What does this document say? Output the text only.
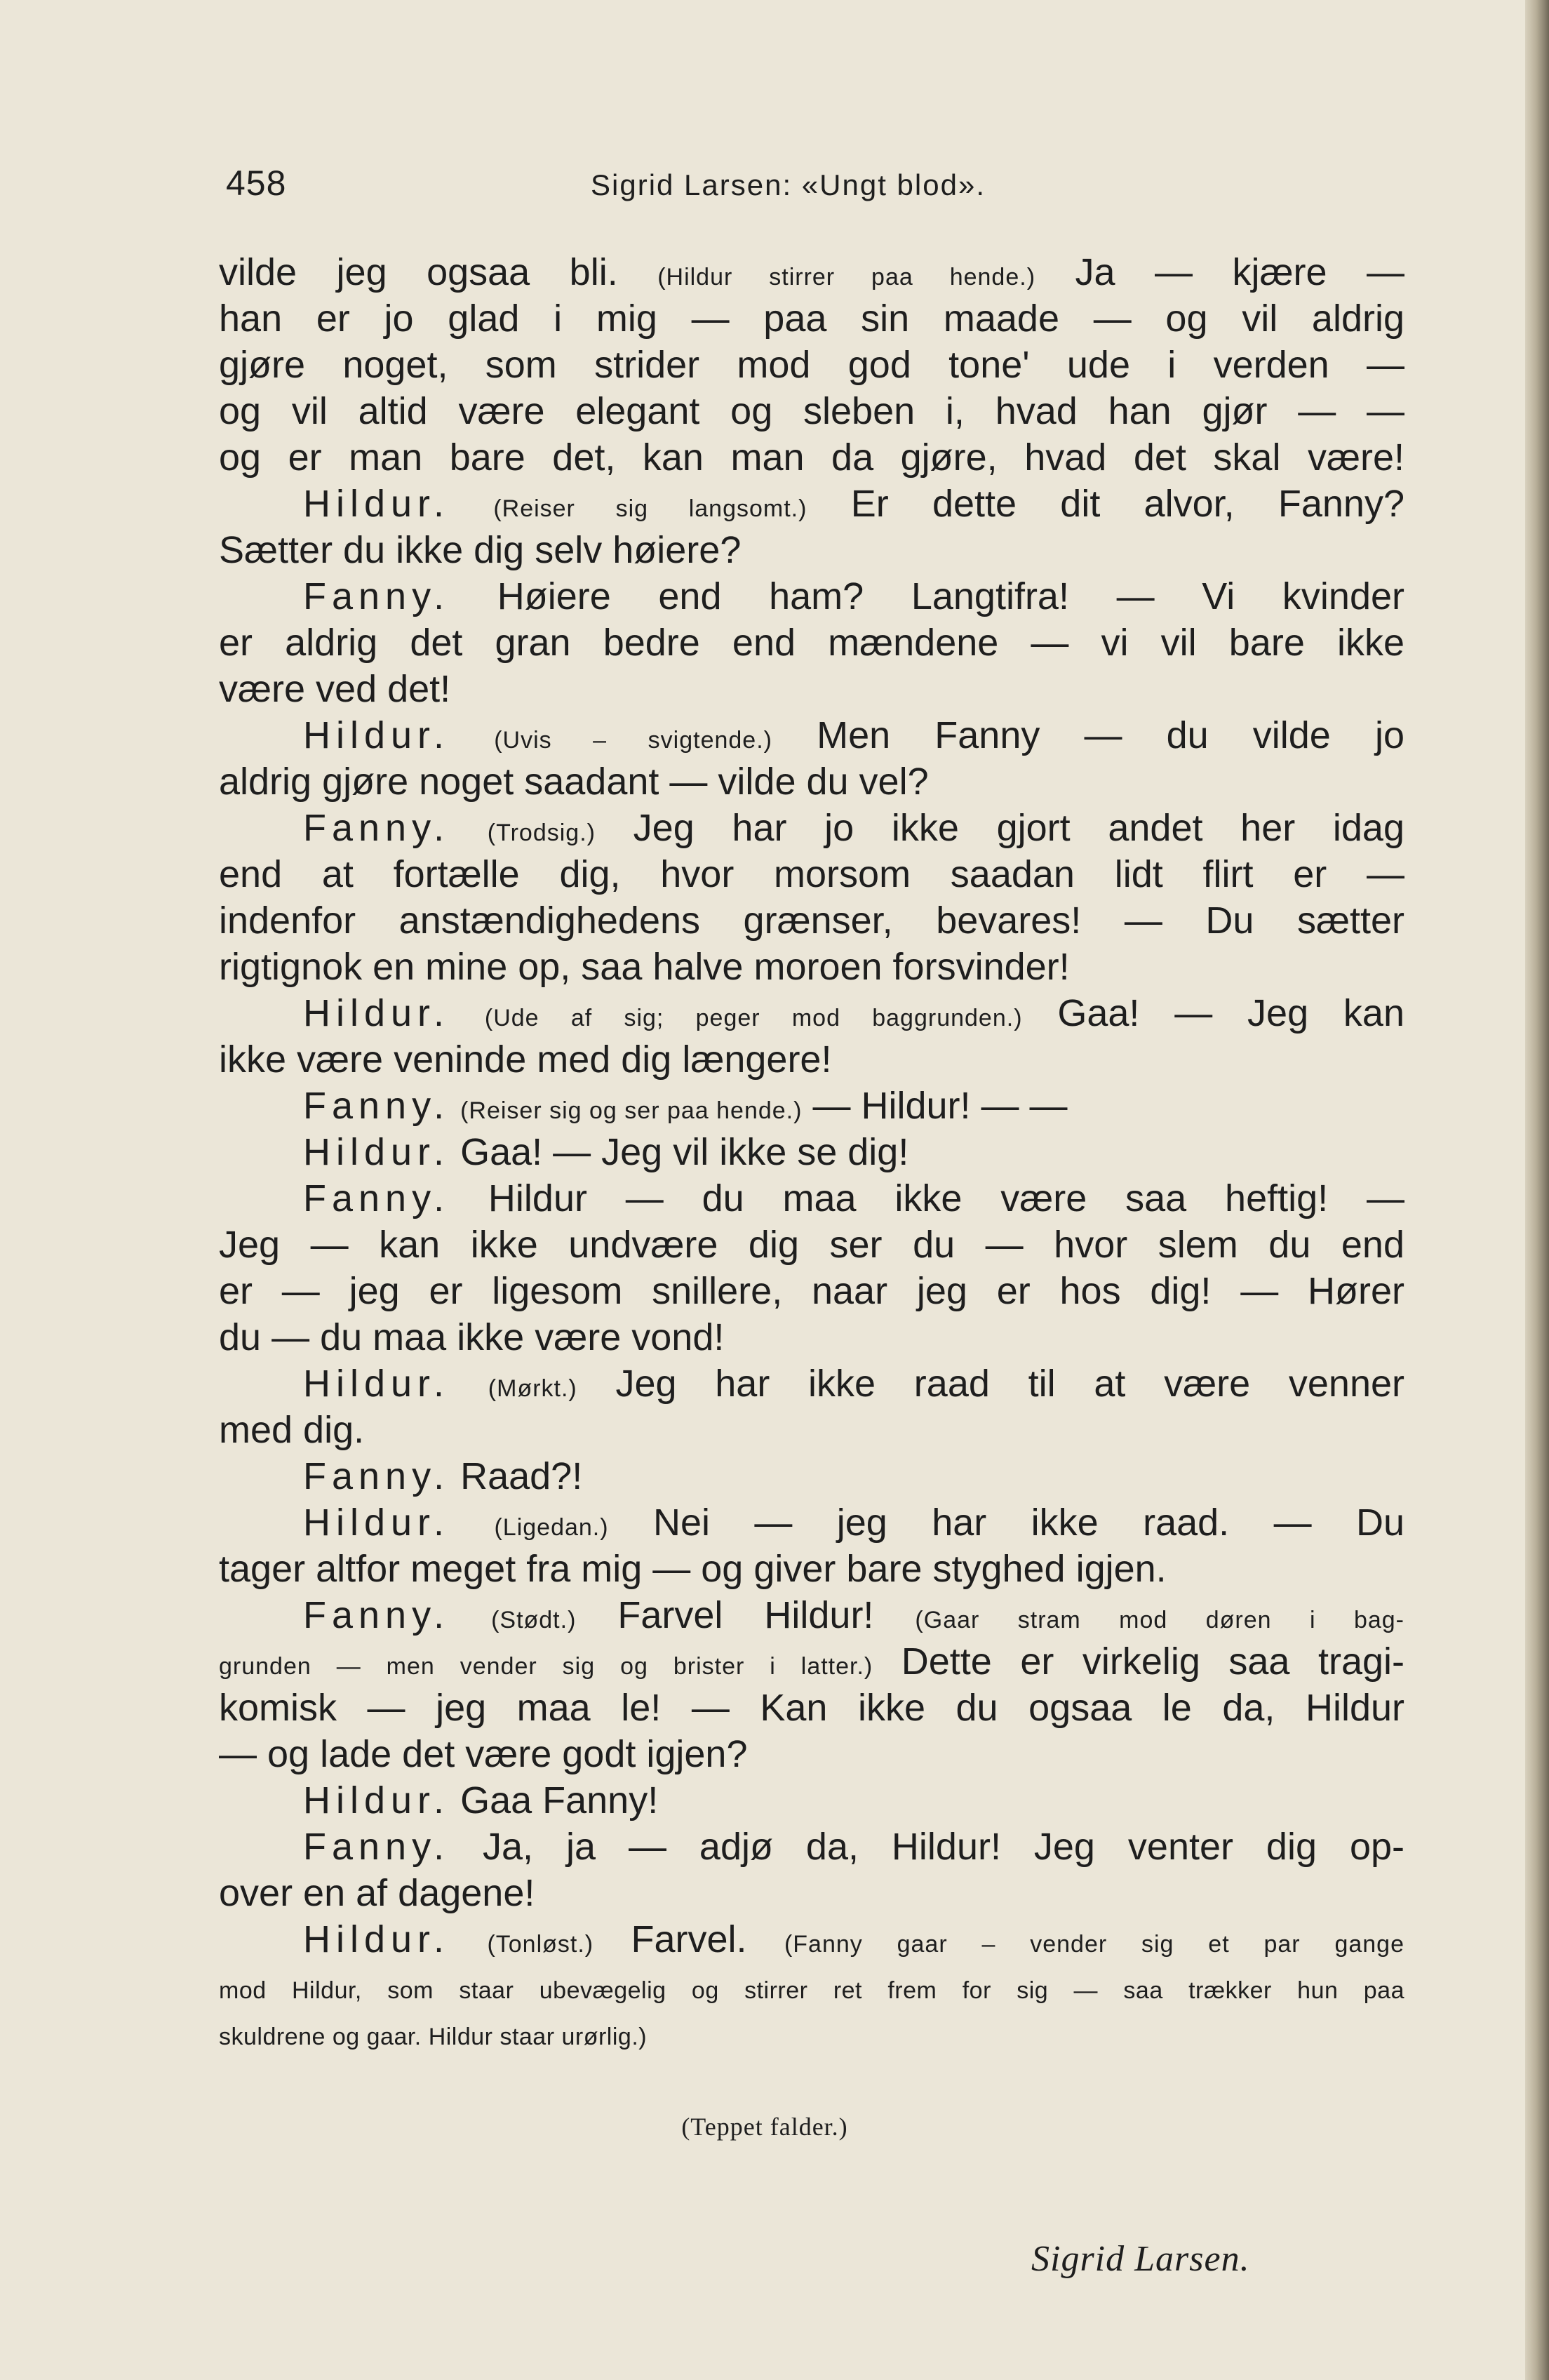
458	Sigrid Larsen: «Ungt blod».
vilde jeg ogsaa bli. (Hildur stirrer paa hende.) Ja — kjære —
han er jo glad i mig — paa sin maade — og vil aldrig
gjøre noget, som strider mod god tone' ude i verden —
og vil altid være elegant og sleben i, hvad han gjør — —
og er man bare det, kan man da gjøre, hvad det skal være!
Hildur. (Reiser sig langsomt.) Er dette dit alvor, Fanny?
Sætter du ikke dig selv høiere?
Fanny. Høiere end ham? Langtifra! — Vi kvinder
er aldrig det gran bedre end mændene — vi vil bare ikke
være ved det!
Hildur. (Uvis – svigtende.) Men Fanny — du vilde jo
aldrig gjøre noget saadant — vilde du vel?
Fanny. (Trodsig.) Jeg har jo ikke gjort andet her idag
end at fortælle dig, hvor morsom saadan lidt flirt er —
indenfor anstændighedens grænser, bevares! — Du sætter
rigtignok en mine op, saa halve moroen forsvinder!
Hildur. (Ude af sig; peger mod baggrunden.) Gaa! — Jeg kan
ikke være veninde med dig længere!
Fanny. (Reiser sig og ser paa hende.) — Hildur! — —
Hildur. Gaa! — Jeg vil ikke se dig!
Fanny. Hildur — du maa ikke være saa heftig! —
Jeg — kan ikke undvære dig ser du — hvor slem du end
er — jeg er ligesom snillere, naar jeg er hos dig! — Hører
du — du maa ikke være vond!
Hildur. (Mørkt.) Jeg har ikke raad til at være venner
med dig.
Fanny. Raad?!
Hildur. (Ligedan.) Nei — jeg har ikke raad. — Du
tager altfor meget fra mig — og giver bare styghed igjen.
Fanny. (Stødt.) Farvel Hildur! (Gaar stram mod døren i bag-
grunden — men vender sig og brister i latter.) Dette er virkelig saa tragi-
komisk — jeg maa le! — Kan ikke du ogsaa le da, Hildur
— og lade det være godt igjen?
Hildur. Gaa Fanny!
Fanny. Ja, ja — adjø da, Hildur! Jeg venter dig op-
over en af dagene!
Hildur. (Tonløst.) Farvel. (Fanny gaar – vender sig et par gange
mod Hildur, som staar ubevægelig og stirrer ret frem for sig — saa trækker hun paa
skuldrene og gaar. Hildur staar urørlig.)
(Teppet falder.)
Sigrid Larsen.
